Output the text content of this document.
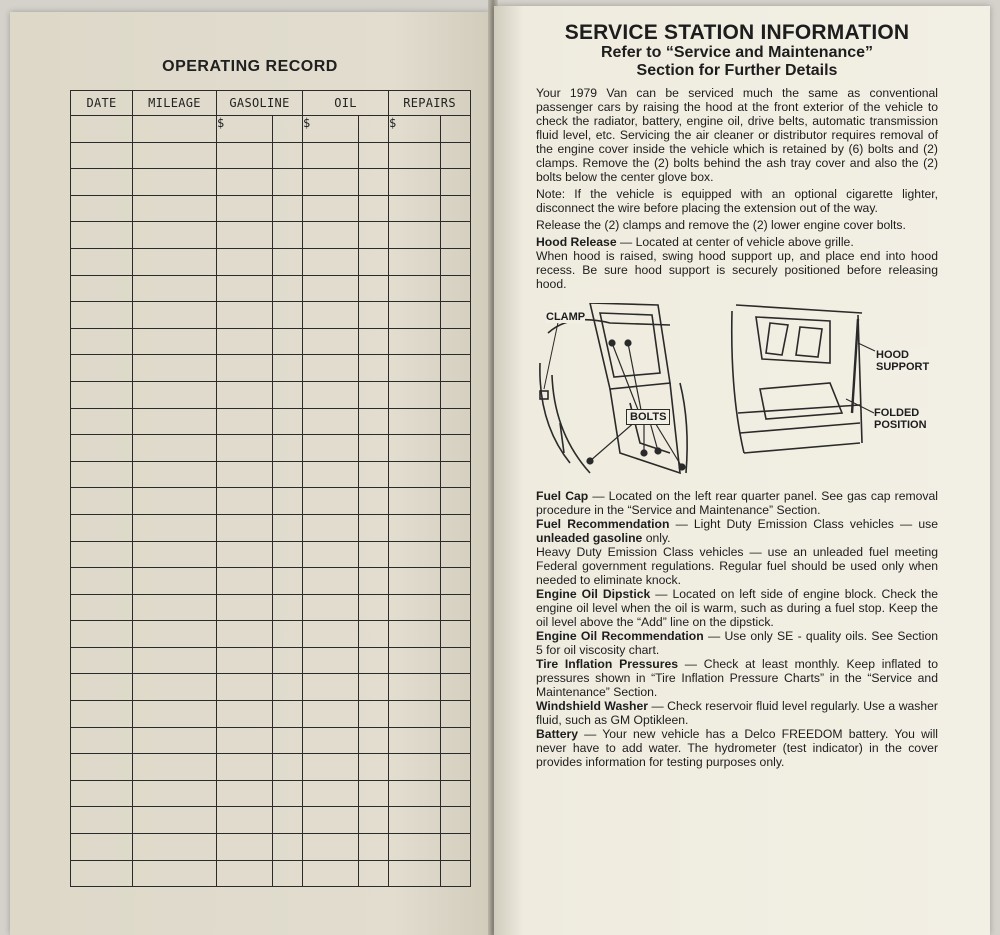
OPERATING RECORD
DATE	MILEAGE	GASOLINE		OIL		REPAIRS	
		$		$		$	

SERVICE STATION INFORMATION
Refer to “Service and Maintenance”
Section for Further Details

Your 1979 Van can be serviced much the same as conventional passenger cars by raising the hood at the front exterior of the vehicle to check the radiator, battery, engine oil, drive belts, automatic transmission fluid level, etc. Servicing the air cleaner or distributor requires removal of the engine cover inside the vehicle which is retained by (6) bolts and (2) clamps. Remove the (2) bolts behind the ash tray cover and also the (2) bolts below the center glove box.

Note: If the vehicle is equipped with an optional cigarette lighter, disconnect the wire before placing the extension out of the way.

Release the (2) clamps and remove the (2) lower engine cover bolts.

Hood Release — Located at center of vehicle above grille.

When hood is raised, swing hood support up, and place end into hood recess. Be sure hood support is securely positioned before releasing hood.

CLAMP
BOLTS
HOOD
SUPPORT
FOLDED
POSITION

Fuel Cap — Located on the left rear quarter panel. See gas cap removal procedure in the “Service and Maintenance” Section.

Fuel Recommendation — Light Duty Emission Class vehicles — use unleaded gasoline only.

Heavy Duty Emission Class vehicles — use an unleaded fuel meeting Federal government regulations. Regular fuel should be used only when needed to eliminate knock.

Engine Oil Dipstick — Located on left side of engine block. Check the engine oil level when the oil is warm, such as during a fuel stop. Keep the oil level above the “Add” line on the dipstick.

Engine Oil Recommendation — Use only SE - quality oils. See Section 5 for oil viscosity chart.

Tire Inflation Pressures — Check at least monthly. Keep inflated to pressures shown in “Tire Inflation Pressure Charts” in the “Service and Maintenance” Section.

Windshield Washer — Check reservoir fluid level regularly. Use a washer fluid, such as GM Optikleen.

Battery — Your new vehicle has a Delco FREEDOM battery. You will never have to add water. The hydrometer (test indicator) in the cover provides information for testing purposes only.
